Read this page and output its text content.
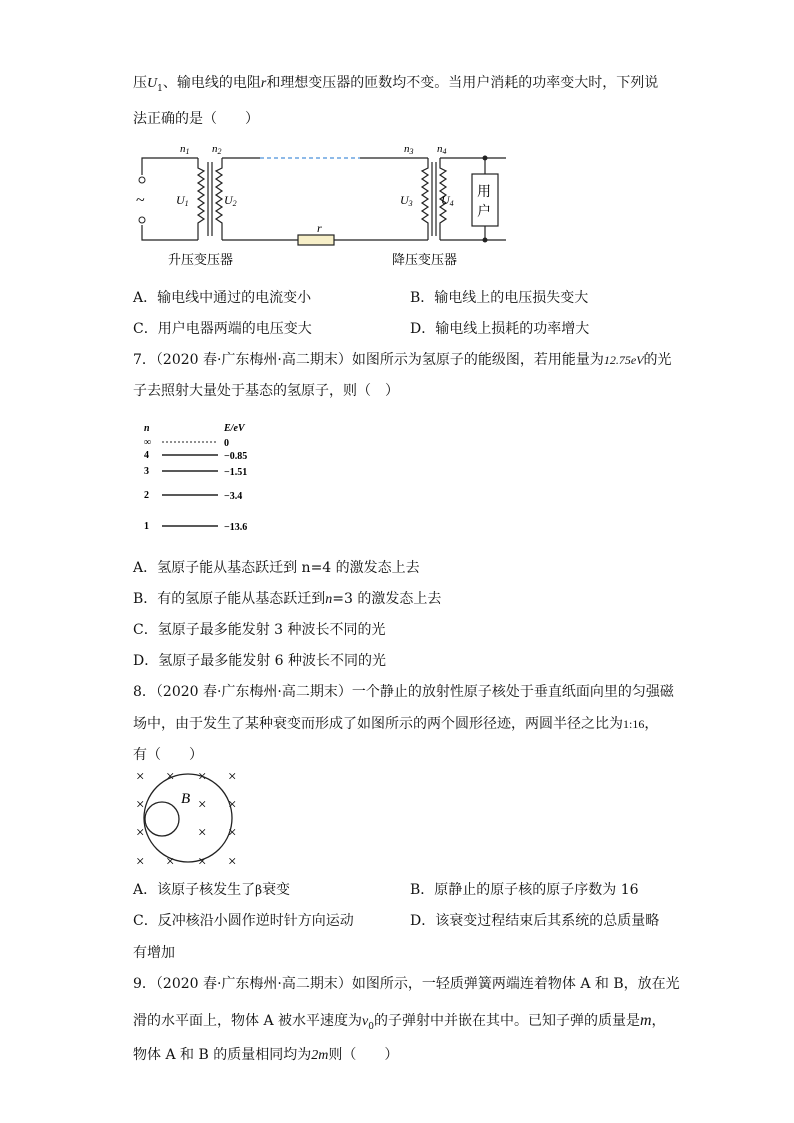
压$U_1$、输电线的电阻r和理想变压器的匝数均不变。当用户消耗的功率变大时，下列说
法正确的是（　　）
~
n1 n2	n3 n4
U1	U2	U3 U4
r
用
户
升压变压器	降压变压器
A．输电线中通过的电流变小	B．输电线上的电压损失变大
C．用户电器两端的电压变大	D．输电线上损耗的功率增大
7．（2020 春·广东梅州·高二期末）如图所示为氢原子的能级图，若用能量为12.75eV的光
子去照射大量处于基态的氢原子，则（　）
n	E/eV
∞	0
4	−0.85
3	−1.51
2	−3.4
1	−13.6
A．氢原子能从基态跃迁到 n=4 的激发态上去
B．有的氢原子能从基态跃迁到n=3 的激发态上去
C．氢原子最多能发射 3 种波长不同的光
D．氢原子最多能发射 6 种波长不同的光
8．（2020 春·广东梅州·高二期末）一个静止的放射性原子核处于垂直纸面向里的匀强磁
场中，由于发生了某种衰变而形成了如图所示的两个圆形径迹，两圆半径之比为1:16，
有（　　）
× × × ×
×	× ×
×	× ×
× × × ×
B
A．该原子核发生了β衰变	B．原静止的原子核的原子序数为 16
C．反冲核沿小圆作逆时针方向运动	D．该衰变过程结束后其系统的总质量略
有增加
9．（2020 春·广东梅州·高二期末）如图所示，一轻质弹簧两端连着物体 A 和 B，放在光
滑的水平面上，物体 A 被水平速度为$v_0$的子弹射中并嵌在其中。已知子弹的质量是m，
物体 A 和 B 的质量相同均为2m则（　　）
